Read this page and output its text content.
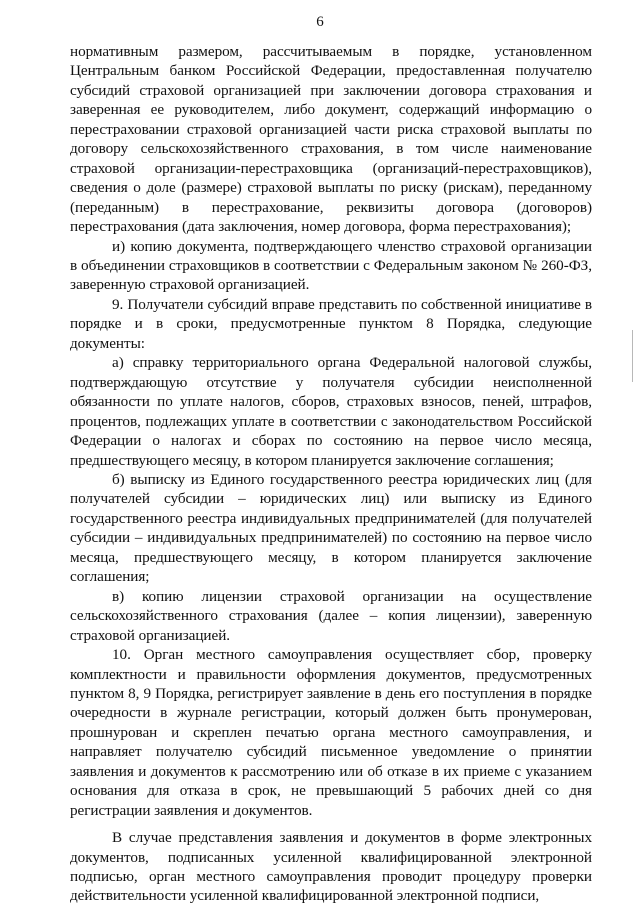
6

нормативным размером, рассчитываемым в порядке, установленном Центральным банком Российской Федерации, предоставленная получателю субсидий страховой организацией при заключении договора страхования и заверенная ее руководителем, либо документ, содержащий информацию о перестраховании страховой организацией части риска страховой выплаты по договору сельскохозяйственного страхования, в том числе наименование страховой организации-перестраховщика (организаций-перестраховщиков), сведения о доле (размере) страховой выплаты по риску (рискам), переданному (переданным) в перестрахование, реквизиты договора (договоров) перестрахования (дата заключения, номер договора, форма перестрахования);

и) копию документа, подтверждающего членство страховой организации в объединении страховщиков в соответствии с Федеральным законом № 260-ФЗ, заверенную страховой организацией.

9. Получатели субсидий вправе представить по собственной инициативе в порядке и в сроки, предусмотренные пунктом 8 Порядка, следующие документы:

а) справку территориального органа Федеральной налоговой службы, подтверждающую отсутствие у получателя субсидии неисполненной обязанности по уплате налогов, сборов, страховых взносов, пеней, штрафов, процентов, подлежащих уплате в соответствии с законодательством Российской Федерации о налогах и сборах по состоянию на первое число месяца, предшествующего месяцу, в котором планируется заключение соглашения;

б) выписку из Единого государственного реестра юридических лиц (для получателей субсидии – юридических лиц) или выписку из Единого государственного реестра индивидуальных предпринимателей (для получателей субсидии – индивидуальных предпринимателей) по состоянию на первое число месяца, предшествующего месяцу, в котором планируется заключение соглашения;

в) копию лицензии страховой организации на осуществление сельскохозяйственного страхования (далее – копия лицензии), заверенную страховой организацией.

10. Орган местного самоуправления осуществляет сбор, проверку комплектности и правильности оформления документов, предусмотренных пунктом 8, 9 Порядка, регистрирует заявление в день его поступления в порядке очередности в журнале регистрации, который должен быть пронумерован, прошнурован и скреплен печатью органа местного самоуправления, и направляет получателю субсидий письменное уведомление о принятии заявления и документов к рассмотрению или об отказе в их приеме с указанием основания для отказа в срок, не превышающий 5 рабочих дней со дня регистрации заявления и документов.

В случае представления заявления и документов в форме электронных документов, подписанных усиленной квалифицированной электронной подписью, орган местного самоуправления проводит процедуру проверки действительности усиленной квалифицированной электронной подписи,
